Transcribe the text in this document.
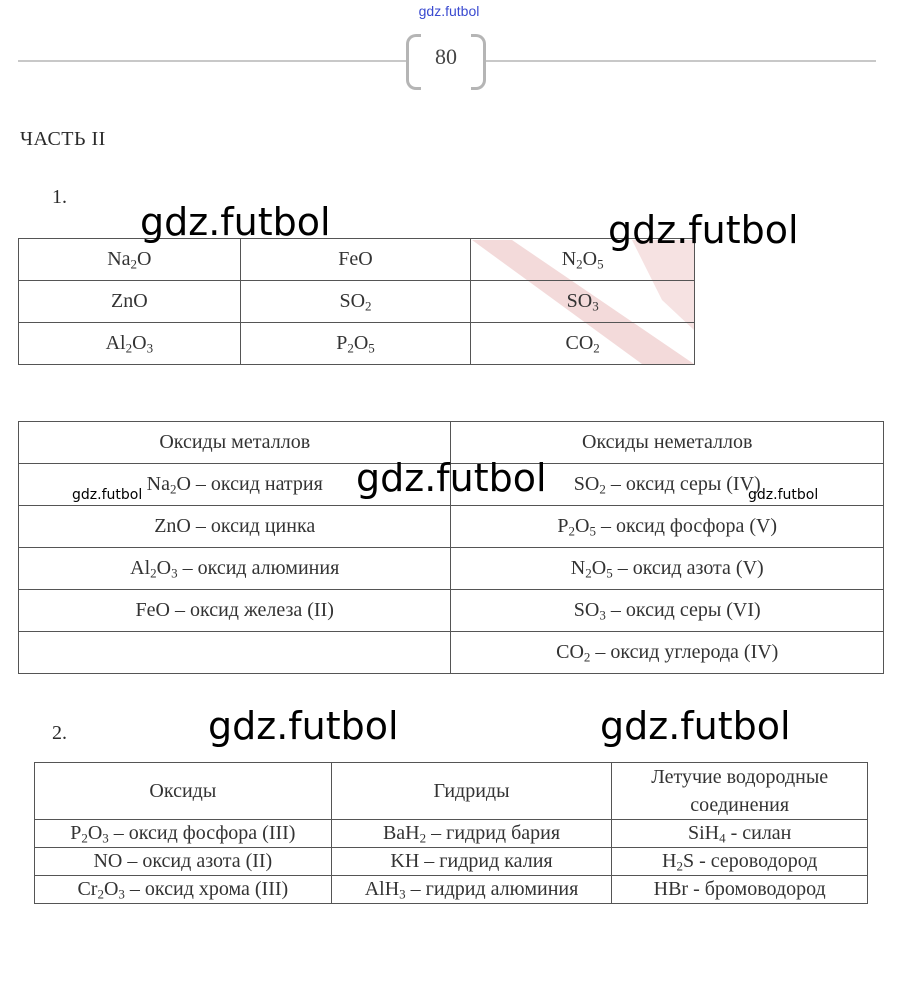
gdz.futbol
80
ЧАСТЬ II
1.
$Na_2O$	FeO	$N_2O_5$
ZnO	$SO_2$	$SO_3$
$Al_2O_3$	$P_2O_5$	$CO_2$
Оксиды металлов	Оксиды неметаллов
$Na_2O$ – оксид натрия	$SO_2$ – оксид серы (IV)
ZnO – оксид цинка	$P_2O_5$ – оксид фосфора (V)
$Al_2O_3$ – оксид алюминия	$N_2O_5$ – оксид азота (V)
FeO – оксид железа (II)	$SO_3$ – оксид серы (VI)
	$CO_2$ – оксид углерода (IV)
2.
Оксиды	Гидриды	Летучие водородные соединения
$P_2O_3$ – оксид фосфора (III)	BaH$_2$ – гидрид бария	SiH$_4$ - силан
NO – оксид азота (II)	KH – гидрид калия	$H_2S$ - сероводород
$Cr_2O_3$ – оксид хрома (III)	AlH$_3$ – гидрид алюминия	HBr - бромоводород
gdz.futbol	gdz.futbol
gdz.futbol
gdz.futbol	gdz.futbol
gdz.futbol	gdz.futbol
